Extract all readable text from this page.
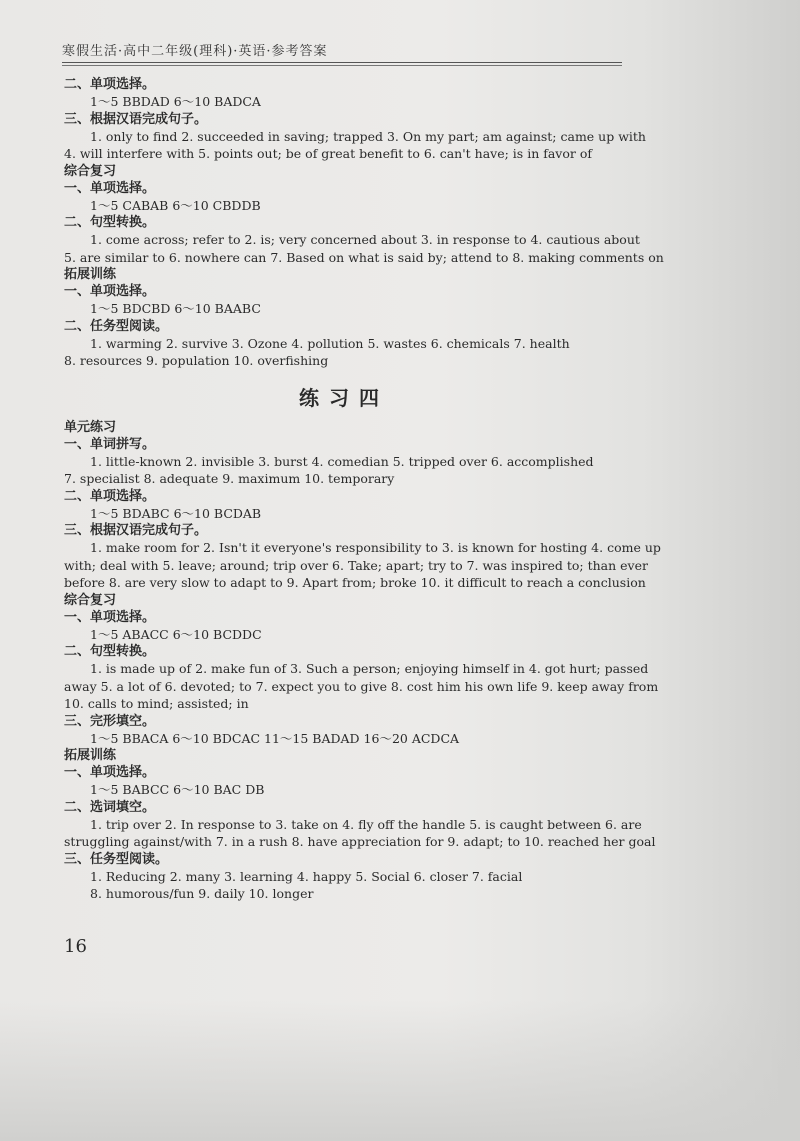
寒假生活·高中二年级(理科)·英语·参考答案
二、单项选择。
1～5 BBDAD 6～10 BADCA
三、根据汉语完成句子。
1. only to find 2. succeeded in saving; trapped 3. On my part; am against; came up with
4. will interfere with 5. points out; be of great benefit to 6. can't have; is in favor of
综合复习
一、单项选择。
1～5 CABAB 6～10 CBDDB
二、句型转换。
1. come across; refer to 2. is; very concerned about 3. in response to 4. cautious about
5. are similar to 6. nowhere can 7. Based on what is said by; attend to 8. making comments on
拓展训练
一、单项选择。
1～5 BDCBD 6～10 BAABC
二、任务型阅读。
1. warming 2. survive 3. Ozone 4. pollution 5. wastes 6. chemicals 7. health
8. resources 9. population 10. overfishing
练习四
单元练习
一、单词拼写。
1. little-known 2. invisible 3. burst 4. comedian 5. tripped over 6. accomplished
7. specialist 8. adequate 9. maximum 10. temporary
二、单项选择。
1～5 BDABC 6～10 BCDAB
三、根据汉语完成句子。
1. make room for 2. Isn't it everyone's responsibility to 3. is known for hosting 4. come up
with; deal with 5. leave; around; trip over 6. Take; apart; try to 7. was inspired to; than ever
before 8. are very slow to adapt to 9. Apart from; broke 10. it difficult to reach a conclusion
综合复习
一、单项选择。
1～5 ABACC 6～10 BCDDC
二、句型转换。
1. is made up of 2. make fun of 3. Such a person; enjoying himself in 4. got hurt; passed
away 5. a lot of 6. devoted; to 7. expect you to give 8. cost him his own life 9. keep away from
10. calls to mind; assisted; in
三、完形填空。
1～5 BBACA 6～10 BDCAC 11～15 BADAD 16～20 ACDCA
拓展训练
一、单项选择。
1～5 BABCC 6～10 BAC DB
二、选词填空。
1. trip over 2. In response to 3. take on 4. fly off the handle 5. is caught between 6. are
struggling against/with 7. in a rush 8. have appreciation for 9. adapt; to 10. reached her goal
三、任务型阅读。
1. Reducing 2. many 3. learning 4. happy 5. Social 6. closer 7. facial
8. humorous/fun 9. daily 10. longer
16
